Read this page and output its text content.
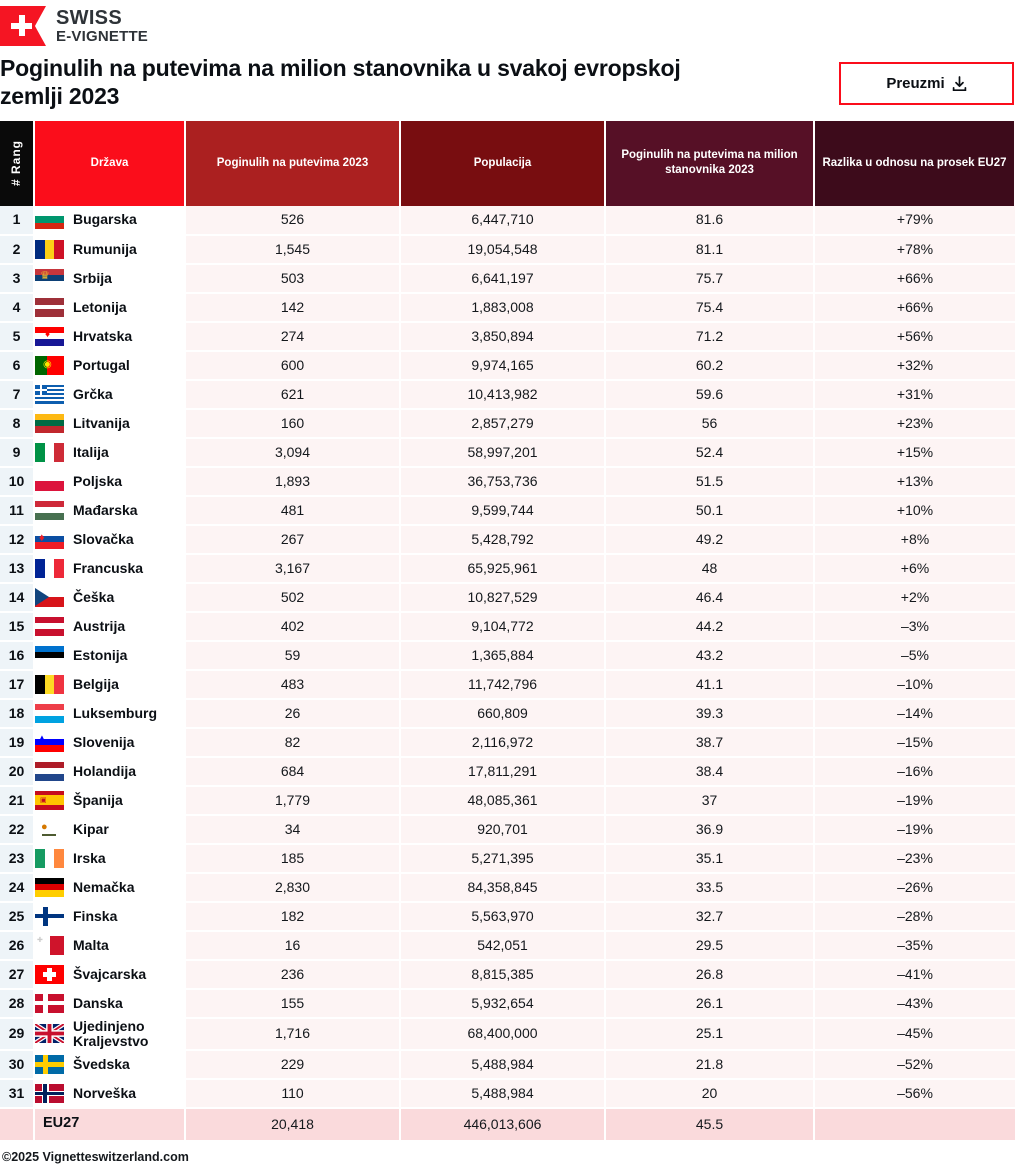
SWISS
E-VIGNETTE
Poginulih na putevima na milion stanovnika u svakoj evropskoj zemlji 2023	Preuzmi
# Rang	Država	Poginulih na putevima 2023	Populacija	Poginulih na putevima na milion stanovnika 2023	Razlika u odnosu na prosek EU27
1	Bugarska	526	6,447,710	81.6	+79%
2	Rumunija	1,545	19,054,548	81.1	+78%
3	♛ Srbija	503	6,641,197	75.7	+66%
4	Letonija	142	1,883,008	75.4	+66%
5	♦ Hrvatska	274	3,850,894	71.2	+56%
6	◉ Portugal	600	9,974,165	60.2	+32%
7	Grčka	621	10,413,982	59.6	+31%
8	Litvanija	160	2,857,279	56	+23%
9	Italija	3,094	58,997,201	52.4	+15%
10	Poljska	1,893	36,753,736	51.5	+13%
11	Mađarska	481	9,599,744	50.1	+10%
12	♦ Slovačka	267	5,428,792	49.2	+8%
13	Francuska	3,167	65,925,961	48	+6%
14	Češka	502	10,827,529	46.4	+2%
15	Austrija	402	9,104,772	44.2	–3%
16	Estonija	59	1,365,884	43.2	–5%
17	Belgija	483	11,742,796	41.1	–10%
18	Luksemburg	26	660,809	39.3	–14%
19	▲ Slovenija	82	2,116,972	38.7	–15%
20	Holandija	684	17,811,291	38.4	–16%
21	▣ Španija	1,779	48,085,361	37	–19%
22	● Kipar	34	920,701	36.9	–19%
23	Irska	185	5,271,395	35.1	–23%
24	Nemačka	2,830	84,358,845	33.5	–26%
25	Finska	182	5,563,970	32.7	–28%
26	✚ Malta	16	542,051	29.5	–35%
27	Švajcarska	236	8,815,385	26.8	–41%
28	Danska	155	5,932,654	26.1	–43%
29	Ujedinjeno Kraljevstvo	1,716	68,400,000	25.1	–45%
30	Švedska	229	5,488,984	21.8	–52%
31	Norveška	110	5,488,984	20	–56%

	EU27	20,418	446,013,606	45.5	
©2025 Vignetteswitzerland.com
